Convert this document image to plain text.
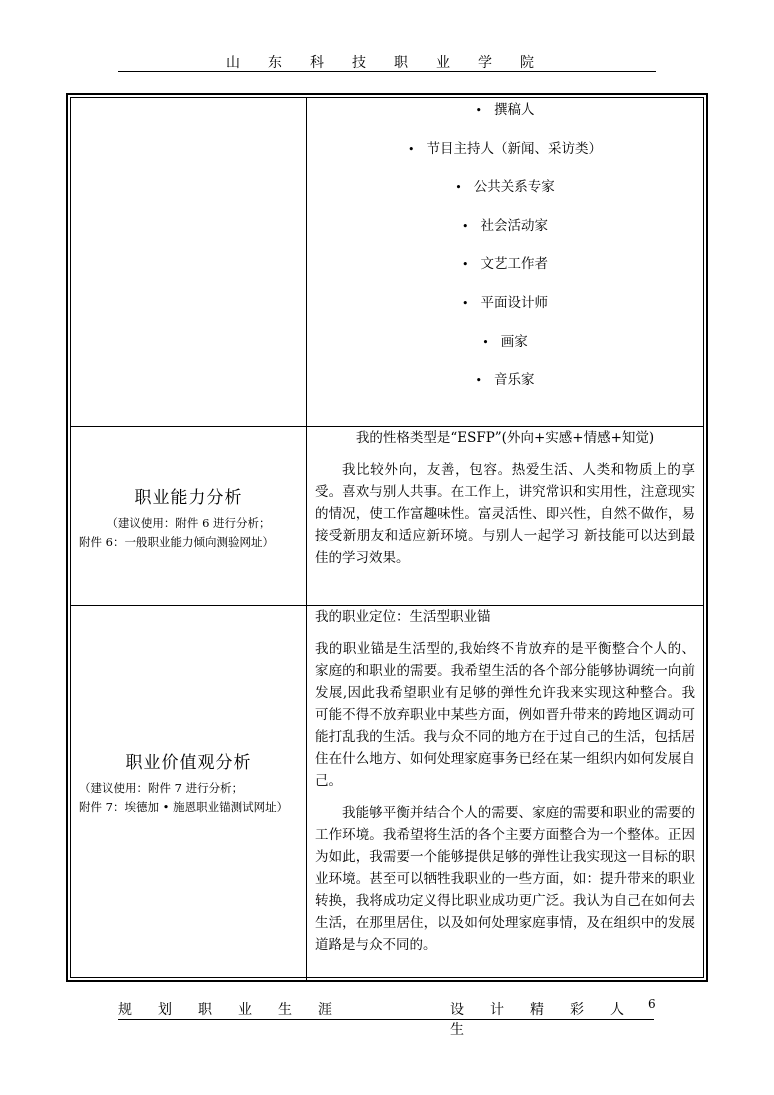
山东科技职业学院
• 撰稿人
• 节目主持人（新闻、采访类）
• 公共关系专家
• 社会活动家
• 文艺工作者
• 平面设计师
• 画家
• 音乐家
职业能力分析
（建议使用：附件 6 进行分析；
附件 6：一般职业能力倾向测验网址）

我的性格类型是“ESFP”(外向+实感+情感+知觉)

我比较外向，友善，包容。热爱生活、人类和物质上的享受。喜欢与别人共事。在工作上，讲究常识和实用性，注意现实的情况，使工作富趣味性。富灵活性、即兴性，自然不做作，易接受新朋友和适应新环境。与别人一起学习 新技能可以达到最佳的学习效果。

职业价值观分析
（建议使用：附件 7 进行分析；
附件 7：埃德加 • 施恩职业锚测试网址）

我的职业定位：生活型职业锚

我的职业锚是生活型的,我始终不肯放弃的是平衡整合个人的、家庭的和职业的需要。我希望生活的各个部分能够协调统一向前发展,因此我希望职业有足够的弹性允许我来实现这种整合。我可能不得不放弃职业中某些方面，例如晋升带来的跨地区调动可能打乱我的生活。我与众不同的地方在于过自己的生活，包括居住在什么地方、如何处理家庭事务已经在某一组织内如何发展自己。

我能够平衡并结合个人的需要、家庭的需要和职业的需要的工作环境。我希望将生活的各个主要方面整合为一个整体。正因为如此，我需要一个能够提供足够的弹性让我实现这一目标的职业环境。甚至可以牺牲我职业的一些方面，如：提升带来的职业转换，我将成功定义得比职业成功更广泛。我认为自己在如何去生活，在那里居住，以及如何处理家庭事情，及在组织中的发展道路是与众不同的。

规划职业生涯	设计精彩人生
6
